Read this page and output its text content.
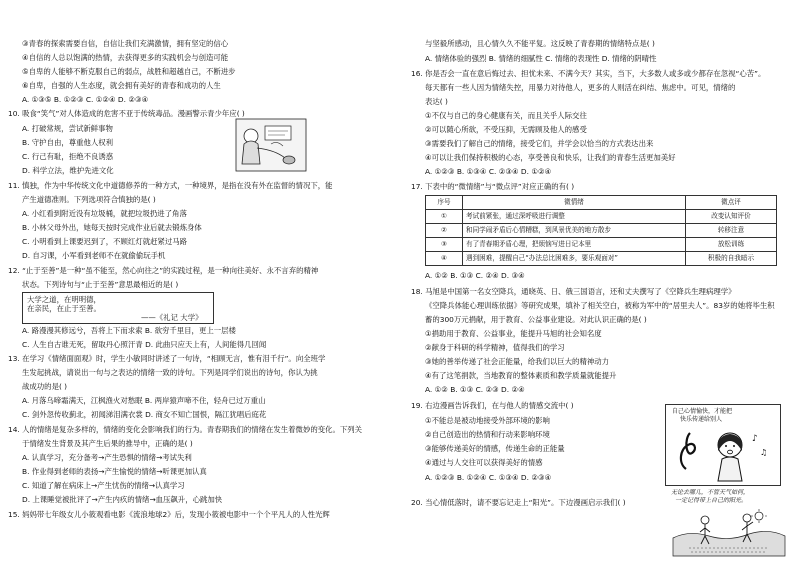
③青春的探索需要自信，自信让我们充满激情，拥有坚定的信心
④自信的人总以饱满的热情，去获得更多的实践机会与创造可能
⑤自卑的人能够不断克服自己的弱点，战胜和超越自己，不断进步
⑥自卑，自强的人生态度，就会拥有美好的青春和成功的人生
A. ①③⑤ B. ①②③ C. ①②④ D. ②③④
10. 吸食“笑气”对人体造成的危害不亚于传统毒品。漫画警示青少年应( )
A. 打破常规，尝试新鲜事物
B. 守护自由，尊重他人权利
C. 行己有耻，拒绝不良诱惑
D. 科学立法，维护先进文化
11. 慎独，作为中华传统文化中道德修养的一种方式，一种境界，是指在没有外在监督的情况下，能
产生道德准则。下列选项符合慎独的是( )
A. 小红看到附近没有垃圾桶，就把垃圾扔进了角落
B. 小林父母外出，她每天按时完成作业后就去锻炼身体
C. 小明看到上课要迟到了，不顾红灯就赶紧过马路
D. 自习课，小军看到老师不在就偷偷玩手机
12. “止于至善”是一种“虽不能至，然心向往之”的实践过程，是一种向往美好、永不言弃的精神
状态。下列诗句与“止于至善”意思最相近的是( )
大学之道，在明明德，
在亲民，在止于至善。
——《礼记 大学》
A. 路漫漫其修远兮，吾将上下而求索 B. 欲穷千里目，更上一层楼
C. 人生自古谁无死，留取丹心照汗青 D. 此曲只应天上有，人间能得几回闻
13. 在学习《情绪面面观》时，学生小敏同时讲述了一句诗，“相顾无言，惟有泪千行”。向全班学
生发起挑战，请说出一句与之表达的情绪一致的诗句。下列是同学们说出的诗句，你认为挑
战成功的是( )
A. 月落乌啼霜满天，江枫渔火对愁眠 B. 两岸猿声啼不住，轻舟已过万重山
C. 剑外忽传收蓟北，初闻涕泪满衣裳 D. 商女不知亡国恨，隔江犹唱后庭花
14. 人的情绪是复杂多样的，情绪的变化会影响我们的行为。青春期我们的情绪在发生着微妙的变化。下列关
于情绪发生背景及其产生后果的推导中，正确的是( )
A. 认真学习，充分备考→产生恐惧的情绪→考试失利
B. 作业得到老师的表扬→产生愉悦的情绪→听课更加认真
C. 知道了解在病床上→产生忧伤的情绪→认真学习
D. 上课睡觉被批评了→产生内疚的情绪→血压飙升，心跳加快
15. 妈妈带七年级女儿小筱观看电影《流浪地球2》后，发现小筱被电影中一个个平凡人的人性光辉
与坚毅所感动，且心情久久不能平复。这反映了青春期的情绪特点是( )
A. 情绪体验的强烈 B. 情绪的细腻性 C. 情绪的表现性 D. 情绪的阴晴性
16. 你是否会一直在意后悔过去、担忧未来、不满今天？其实，当下，大多数人或多或少都存在忽视“心苦”。
每天都有一些人因为情绪失控，用暴力对待他人，更多的人则活在纠结、焦虑中。可见，情绪的
表达( )
①不仅与自己的身心健康有关，而且关乎人际交往
②可以随心所欲，不受压抑，无需顾及他人的感受
③需要我们了解自己的情绪，接受它们，并学会以恰当的方式表达出来
④可以让我们保持积极的心态，享受善良和快乐，让我们的青春生活更加美好
A. ①②③ B. ①③④ C. ②③④ D. ①②④
17. 下表中的“微情绪”与“微点评”对应正确的有( )
序号	微情绪	微点评
①	考试前紧张，通过深呼吸进行调整	改变认知评价
②	和同学闹矛盾后心情糟糕，到风景优美的地方散步	转移注意
③	有了青春期矛盾心理，把烦恼写进日记本里	放松训练
④	遇到困难，提醒自己“办法总比困难多，要乐观面对”	积极的自我暗示
A. ①② B. ①③ C. ②④ D. ③④
18. 马旭是中国第一名女空降兵，通晓英、日、俄三国语言，还和丈夫撰写了《空降兵生理病理学》
《空降兵体能心理训练依据》等研究成果，填补了相关空白，被称为军中的“居里夫人”。83岁的她将毕生积
蓄的300万元捐献，用于教育、公益事业建设。对此认识正确的是( )
①捐助用于教育、公益事业，能提升马旭的社会知名度
②献身于科研的科学精神，值得我们的学习
③她的善举传递了社会正能量，给我们以巨大的精神动力
④有了这笔捐款，当地教育的整体素质和教学质量就能提升
A. ①② B. ①③ C. ②③ D. ②④
19. 右边漫画告诉我们，在与他人的情感交流中( )
①不能总是被动地接受外部环境的影响
②自己创造出的热情和行动来影响环境
③能够传递美好的情感，传递生命的正能量
④通过与人交往可以获得美好的情感
A. ①②③ B. ①②④ C. ①③④ D. ②③④
自己心情愉快，才能把
快乐传递给别人
♪
♫
20. 当心情低落时，请不要忘记走上“阳光”。下边漫画启示我们( )
无论去哪儿，不管天气如何，
一定记得带上自己的阳光。
